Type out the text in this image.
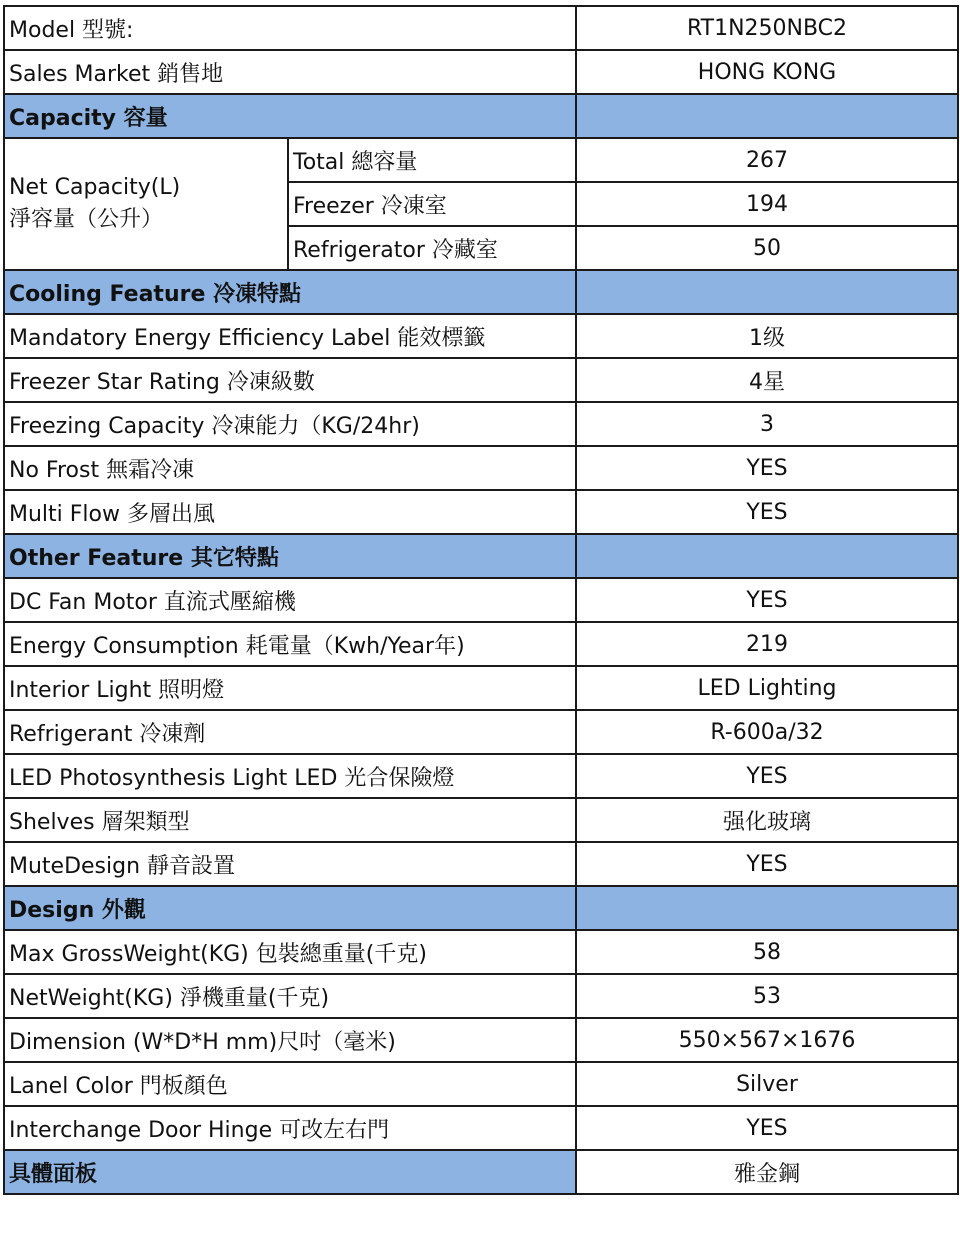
Model 型號:		RT1N250NBC2
Sales Market 銷售地		HONG KONG
Capacity 容量		

Net Capacity(L)
淨容量（公升）	Total 總容量	267
	Freezer 冷凍室	194
	Refrigerator 冷藏室	50
Cooling Feature 冷凍特點		
Mandatory Energy Efficiency Label 能效標籤		1级
Freezer Star Rating 冷凍級數		4星
Freezing Capacity 冷凍能力（KG/24hr)		3
No Frost 無霜冷凍		YES
Multi Flow 多層出風		YES
Other Feature 其它特點		
DC Fan Motor 直流式壓縮機		YES
Energy Consumption 耗電量（Kwh/Year年)		219
Interior Light 照明燈		LED Lighting
Refrigerant 冷凍劑		R-600a/32
LED Photosynthesis Light LED 光合保險燈		YES
Shelves 層架類型		强化玻璃
MuteDesign 靜音設置		YES
Design 外觀		
Max GrossWeight(KG) 包裝總重量(千克)		58
NetWeight(KG) 淨機重量(千克)		53
Dimension (W*D*H mm)尺吋（毫米)		550×567×1676
Lanel Color 門板顏色		Silver
Interchange Door Hinge 可改左右門		YES
具體面板		雅金鋼
